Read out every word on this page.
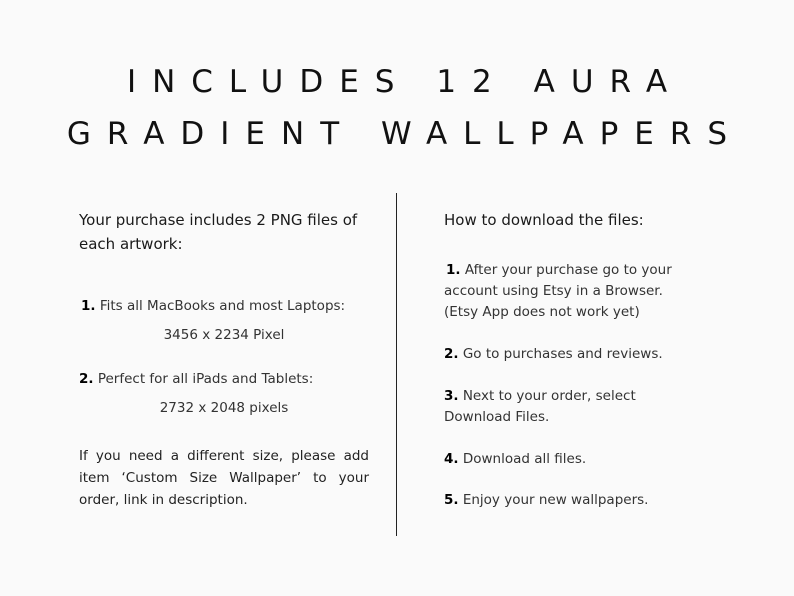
INCLUDES 12 AURA
GRADIENT WALLPAPERS

Your purchase includes 2 PNG files of each artwork:

1. Fits all MacBooks and most Laptops:
3456 x 2234 Pixel
2. Perfect for all iPads and Tablets:
2732 x 2048 pixels
If you need a different size, please add item ‘Custom Size Wallpaper’ to your order, link in description.

How to download the files:

1. After your purchase go to your account using Etsy in a Browser. (Etsy App does not work yet)
2. Go to purchases and reviews.
3. Next to your order, select Download Files.
4. Download all files.
5. Enjoy your new wallpapers.
